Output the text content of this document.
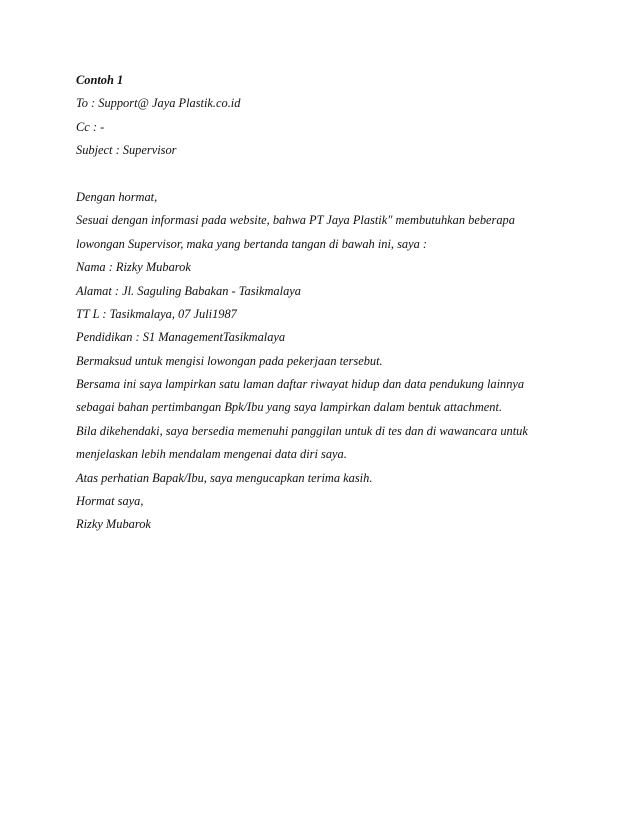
Contoh 1
To : Support@ Jaya Plastik.co.id
Cc : -
Subject : Supervisor
Dengan hormat,
Sesuai dengan informasi pada website, bahwa PT Jaya Plastik" membutuhkan beberapa
lowongan Supervisor, maka yang bertanda tangan di bawah ini, saya :
Nama : Rizky Mubarok
Alamat : Jl. Saguling Babakan - Tasikmalaya
TT L : Tasikmalaya, 07 Juli1987
Pendidikan : S1 ManagementTasikmalaya
Bermaksud untuk mengisi lowongan pada pekerjaan tersebut.
Bersama ini saya lampirkan satu laman daftar riwayat hidup dan data pendukung lainnya
sebagai bahan pertimbangan Bpk/Ibu yang saya lampirkan dalam bentuk attachment.
Bila dikehendaki, saya bersedia memenuhi panggilan untuk di tes dan di wawancara untuk
menjelaskan lebih mendalam mengenai data diri saya.
Atas perhatian Bapak/Ibu, saya mengucapkan terima kasih.
Hormat saya,
Rizky Mubarok
